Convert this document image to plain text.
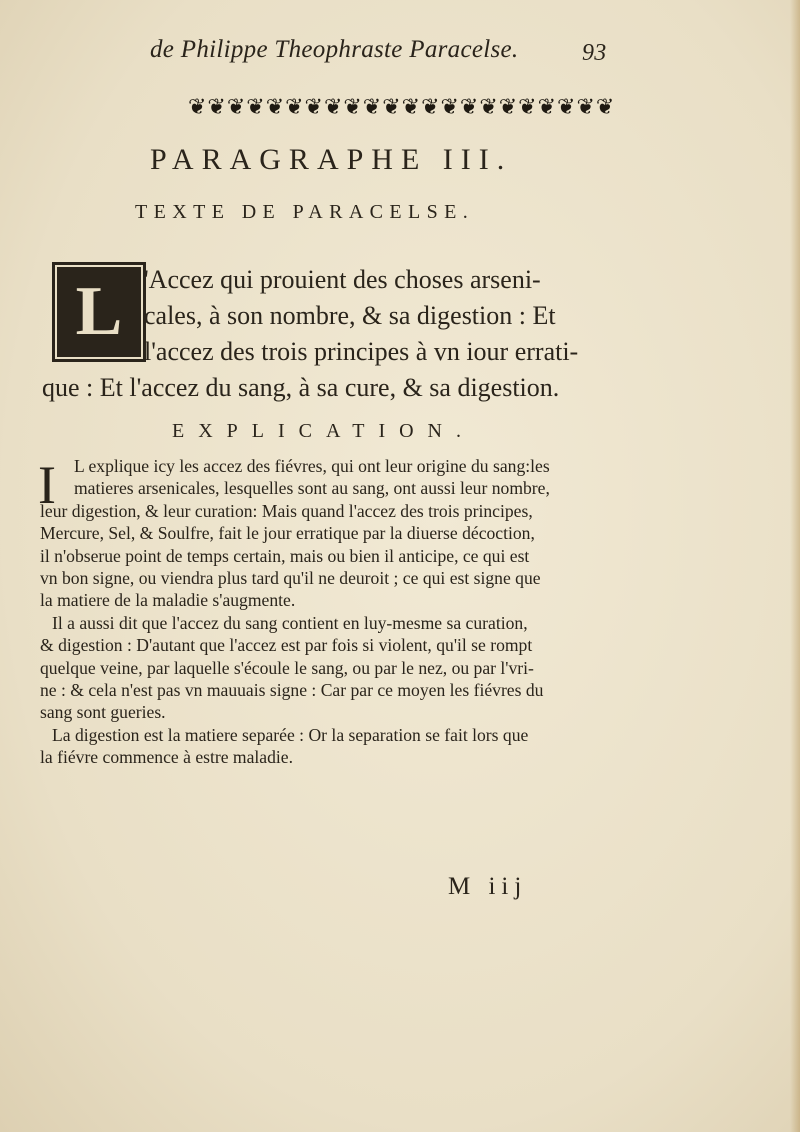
de Philippe Theophraste Paracelse.	93
❦ ❦ ❦ ❦ ❦ ❦ ❦ ❦ ❦ ❦ ❦ ❦ ❦ ❦ ❦ ❦ ❦ ❦ ❦ ❦ ❦ ❦
PARAGRAPHE III.
TEXTE DE PARACELSE.
L 'Accez qui prouient des choses arseni-
cales, à son nombre, & sa digestion : Et
l'accez des trois principes à vn iour errati-
que : Et l'accez du sang, à sa cure, & sa digestion.
EXPLICATION.
I L explique icy les accez des fiévres, qui ont leur origine du sang:les
matieres arsenicales, lesquelles sont au sang, ont aussi leur nombre,
leur digestion, & leur curation: Mais quand l'accez des trois principes,
Mercure, Sel, & Soulfre, fait le jour erratique par la diuerse décoction,
il n'obserue point de temps certain, mais ou bien il anticipe, ce qui est
vn bon signe, ou viendra plus tard qu'il ne deuroit ; ce qui est signe que
la matiere de la maladie s'augmente.
Il a aussi dit que l'accez du sang contient en luy-mesme sa curation,
& digestion : D'autant que l'accez est par fois si violent, qu'il se rompt
quelque veine, par laquelle s'écoule le sang, ou par le nez, ou par l'vri-
ne : & cela n'est pas vn mauuais signe : Car par ce moyen les fiévres du
sang sont gueries.
La digestion est la matiere separée : Or la separation se fait lors que
la fiévre commence à estre maladie.
M iij
